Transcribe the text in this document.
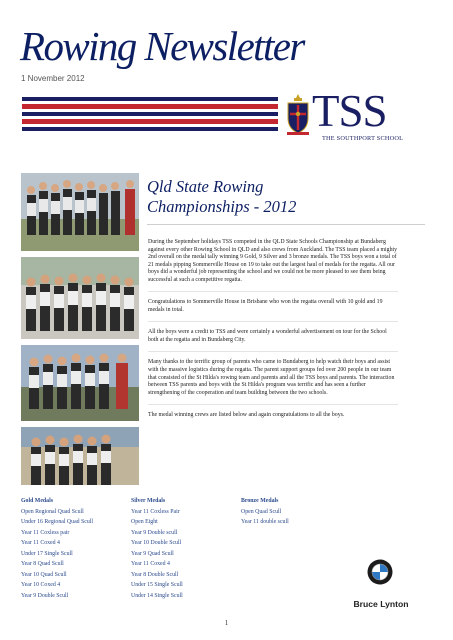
Rowing Newsletter
1 November 2012
TSS
THE SOUTHPORT SCHOOL
Qld State Rowing Championships - 2012

During the September holidays TSS competed in the QLD State Schools Championship at Bundaberg against every other Rowing School in QLD and also crews from Auckland. The TSS team placed a mighty 2nd overall on the medal tally winning 9 Gold, 9 Silver and 3 bronze medals. The TSS boys won a total of 21 medals pipping Sommerville House on 19 to take out the largest haul of medals for the regatta. All our boys did a wonderful job representing the school and we could not be more pleased to see them being successful at such a competitive regatta.

Congratulations to Sommerville House in Brisbane who won the regatta overall with 10 gold and 19 medals in total.

All the boys were a credit to TSS and were certainly a wonderful advertisement on tour for the School both at the regatta and in Bundaberg City.

Many thanks to the terrific group of parents who came to Bundaberg to help watch their boys and assist with the massive logistics during the regatta. The parent support groups fed over 200 people in our team that consisted of the St Hilda's rowing team and parents and all the TSS boys and parents. The interaction between TSS parents and boys with the St Hilda's program was terrific and has seen a further strengthening of the cooperation and team building between the two schools.

The medal winning crews are listed below and again congratulations to all the boys.

Gold Medals
Open Regional Quad Scull
Under 16 Regional Quad Scull
Year 11 Coxless pair
Year 11 Coxed 4
Under 17 Single Scull
Year 8 Quad Scull
Year 10 Quad Scull
Year 10 Coxed 4
Year 9 Double Scull
Silver Medals
Year 11 Coxless Pair
Open Eight
Year 9 Double scull
Year 10 Double Scull
Year 9 Quad Scull
Year 11 Coxed 4
Year 8 Double Scull
Under 15 Single Scull
Under 14 Single Scull
Bronze Medals
Open Quad Scull
Year 11 double scull
Bruce Lynton
1
